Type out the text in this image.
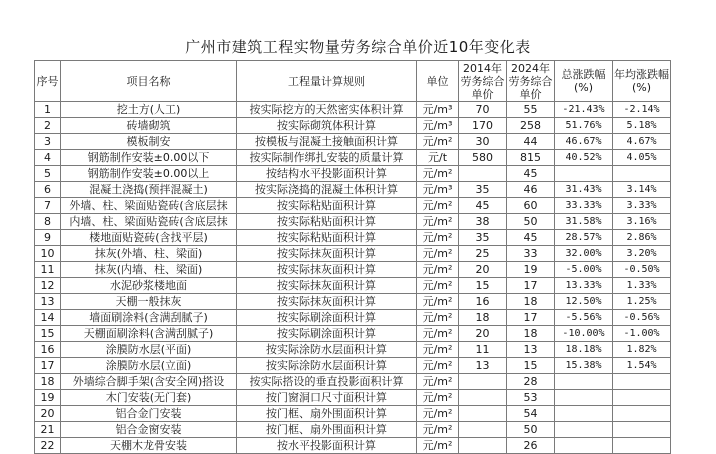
广州市建筑工程实物量劳务综合单价近10年变化表
序号	项目名称	工程量计算规则	单位	2014年劳务综合单价	2024年劳务综合单价	总涨跌幅(%)	年均涨跌幅(%)
1	挖土方(人工)	按实际挖方的天然密实体积计算	元/m³	70	55	-21.43%	-2.14%
2	砖墙砌筑	按实际砌筑体积计算	元/m³	170	258	51.76%	5.18%
3	模板制安	按模板与混凝土接触面积计算	元/m²	30	44	46.67%	4.67%
4	钢筋制作安装±0.00以下	按实际制作绑扎安装的质量计算	元/t	580	815	40.52%	4.05%
5	钢筋制作安装±0.00以上	按结构水平投影面积计算	元/m²		45		
6	混凝土浇捣(预拌混凝土)	按实际浇捣的混凝土体积计算	元/m³	35	46	31.43%	3.14%
7	外墙、柱、梁面贴瓷砖(含底层抹	按实际粘贴面积计算	元/m²	45	60	33.33%	3.33%
8	内墙、柱、梁面贴瓷砖(含底层抹	按实际粘贴面积计算	元/m²	38	50	31.58%	3.16%
9	楼地面贴瓷砖(含找平层)	按实际粘贴面积计算	元/m²	35	45	28.57%	2.86%
10	抹灰(外墙、柱、梁面)	按实际抹灰面积计算	元/m²	25	33	32.00%	3.20%
11	抹灰(内墙、柱、梁面)	按实际抹灰面积计算	元/m²	20	19	-5.00%	-0.50%
12	水泥砂浆楼地面	按实际抹灰面积计算	元/m²	15	17	13.33%	1.33%
13	天棚一般抹灰	按实际抹灰面积计算	元/m²	16	18	12.50%	1.25%
14	墙面刷涂料(含满刮腻子)	按实际刷涂面积计算	元/m²	18	17	-5.56%	-0.56%
15	天棚面刷涂料(含满刮腻子)	按实际刷涂面积计算	元/m²	20	18	-10.00%	-1.00%
16	涂膜防水层(平面)	按实际涂防水层面积计算	元/m²	11	13	18.18%	1.82%
17	涂膜防水层(立面)	按实际涂防水层面积计算	元/m²	13	15	15.38%	1.54%
18	外墙综合脚手架(含安全网)搭设	按实际搭设的垂直投影面积计算	元/m²		28		
19	木门安装(无门套)	按门窗洞口尺寸面积计算	元/m²		53		
20	铝合金门安装	按门框、扇外围面积计算	元/m²		54		
21	铝合金窗安装	按门框、扇外围面积计算	元/m²		50		
22	天棚木龙骨安装	按水平投影面积计算	元/m²		26		
